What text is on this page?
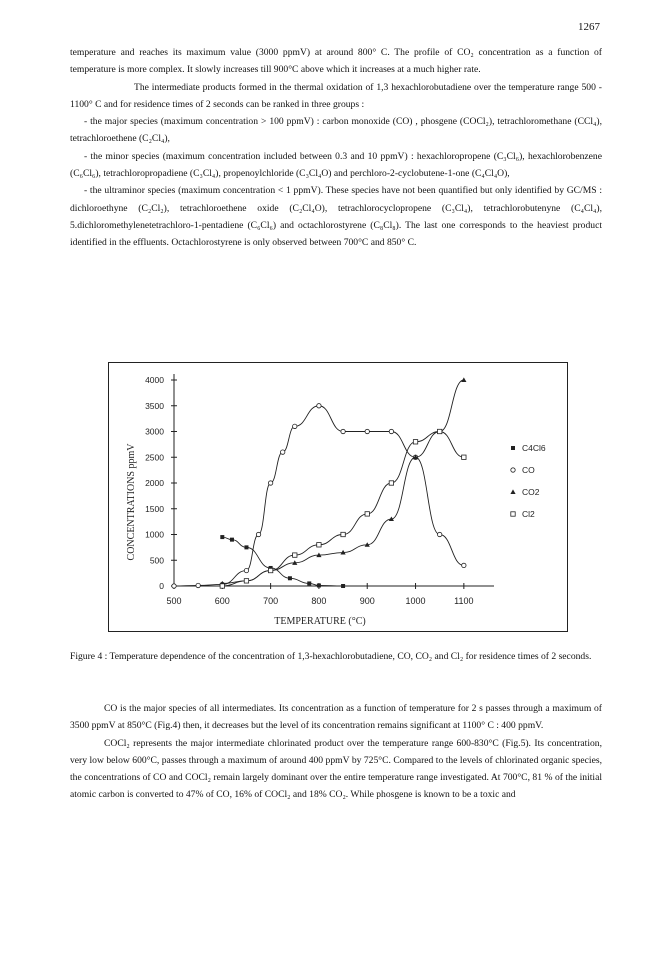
1267

temperature and reaches its maximum value (3000 ppmV) at around 800° C. The profile of CO₂ concentration as a function of temperature is more complex. It slowly increases till 900°C above which it increases at a much higher rate.

The intermediate products formed in the thermal oxidation of 1,3 hexachlorobutadiene over the temperature range 500 - 1100° C and for residence times of 2 seconds can be ranked in three groups :

- the major species (maximum concentration > 100 ppmV) : carbon monoxide (CO) , phosgene (COCl₂), tetrachloromethane (CCl₄), tetrachloroethene (C₂Cl₄),

- the minor species (maximum concentration included between 0.3 and 10 ppmV) : hexachloropropene (C₃Cl₆), hexachlorobenzene (C₆Cl₆), tetrachloropropadiene (C₃Cl₄), propenoylchloride (C₃Cl₄O) and perchloro-2-cyclobutene-1-one (C₄Cl₄O),

- the ultraminor species (maximum concentration < 1 ppmV). These species have not been quantified but only identified by GC/MS : dichloroethyne (C₂Cl₂), tetrachloroethene oxide (C₂Cl₄O), tetrachlorocyclopropene (C₃Cl₄), tetrachlorobutenyne (C₄Cl₄), 5.dichloromethylenetetrachloro-1-pentadiene (C₆Cl₆) and octachlorostyrene (C₈Cl₈). The last one corresponds to the heaviest product identified in the effluents. Octachlorostyrene is only observed between 700°C and 850° C.

0
500
1000
1500
2000
2500
3000
3500
4000
500	600	700	800	900	1000	1100
C4Cl6
CO
CO2
Cl2
CONCENTRATIONS ppmV
TEMPERATURE (°C)

Figure 4 : Temperature dependence of the concentration of 1,3-hexachlorobutadiene, CO, CO₂ and Cl₂ for residence times of 2 seconds.

CO is the major species of all intermediates. Its concentration as a function of temperature for 2 s passes through a maximum of 3500 ppmV at 850°C (Fig.4) then, it decreases but the level of its concentration remains significant at 1100° C : 400 ppmV.

COCl₂ represents the major intermediate chlorinated product over the temperature range 600-830°C (Fig.5). Its concentration, very low below 600°C, passes through a maximum of around 400 ppmV by 725°C. Compared to the levels of chlorinated organic species, the concentrations of CO and COCl₂ remain largely dominant over the entire temperature range investigated. At 700°C, 81 % of the initial atomic carbon is converted to 47% of CO, 16% of COCl₂ and 18% CO₂. While phosgene is known to be a toxic and
